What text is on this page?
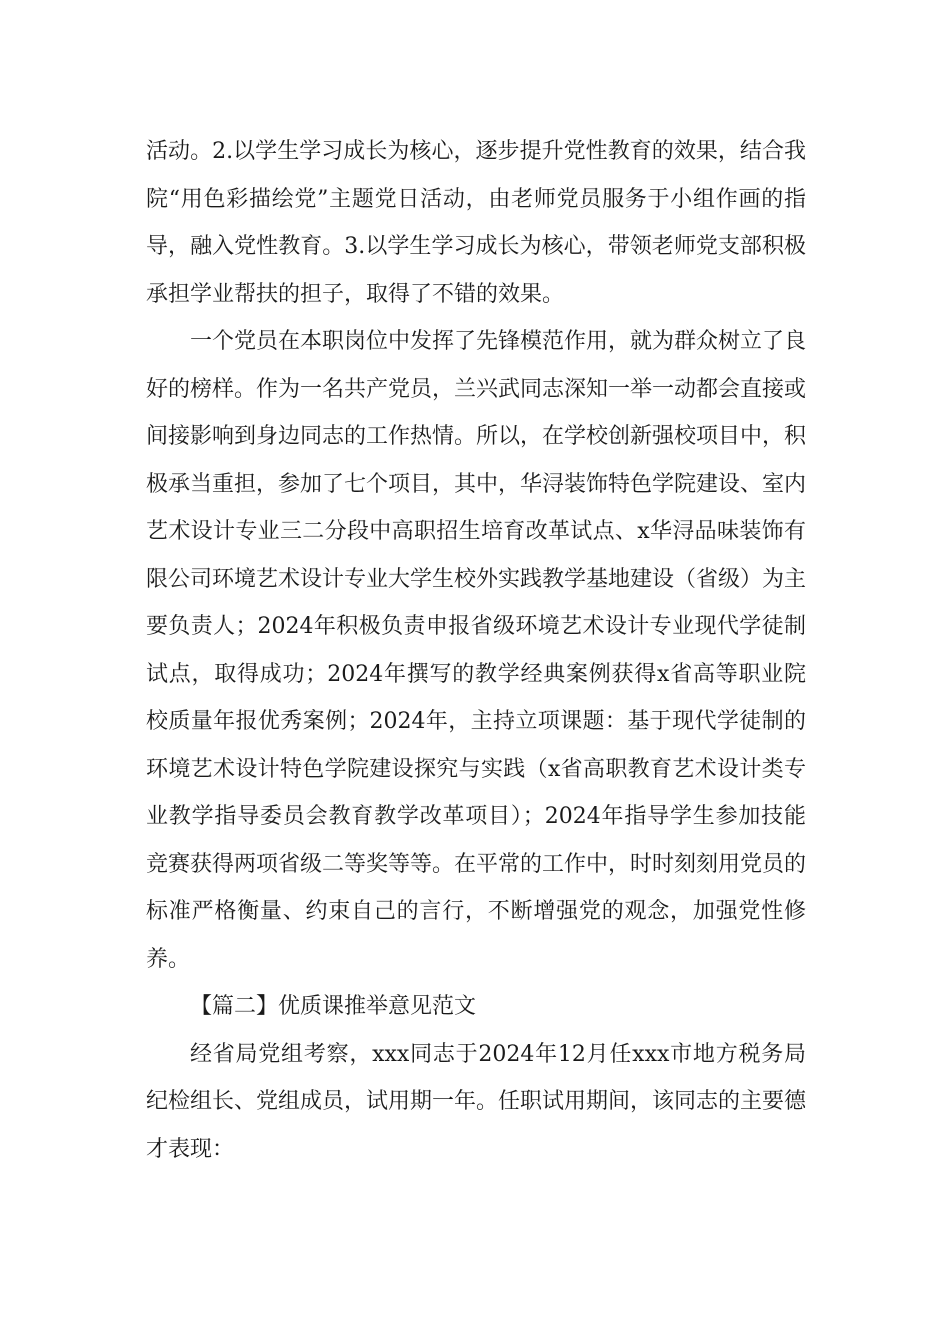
活动。2.以学生学习成长为核心，逐步提升党性教育的效果，结合我院“用色彩描绘党”主题党日活动，由老师党员服务于小组作画的指导，融入党性教育。3.以学生学习成长为核心，带领老师党支部积极承担学业帮扶的担子，取得了不错的效果。

一个党员在本职岗位中发挥了先锋模范作用，就为群众树立了良好的榜样。作为一名共产党员，兰兴武同志深知一举一动都会直接或间接影响到身边同志的工作热情。所以，在学校创新强校项目中，积极承当重担，参加了七个项目，其中，华浔装饰特色学院建设、室内艺术设计专业三二分段中高职招生培育改革试点、x华浔品味装饰有限公司环境艺术设计专业大学生校外实践教学基地建设（省级）为主要负责人；2024年积极负责申报省级环境艺术设计专业现代学徒制试点，取得成功；2024年撰写的教学经典案例获得x省高等职业院校质量年报优秀案例；2024年，主持立项课题：基于现代学徒制的环境艺术设计特色学院建设探究与实践（x省高职教育艺术设计类专业教学指导委员会教育教学改革项目）；2024年指导学生参加技能竞赛获得两项省级二等奖等等。在平常的工作中，时时刻刻用党员的标准严格衡量、约束自己的言行，不断增强党的观念，加强党性修养。

【篇二】优质课推举意见范文

经省局党组考察，xxx同志于2024年12月任xxx市地方税务局纪检组长、党组成员，试用期一年。任职试用期间，该同志的主要德才表现：
